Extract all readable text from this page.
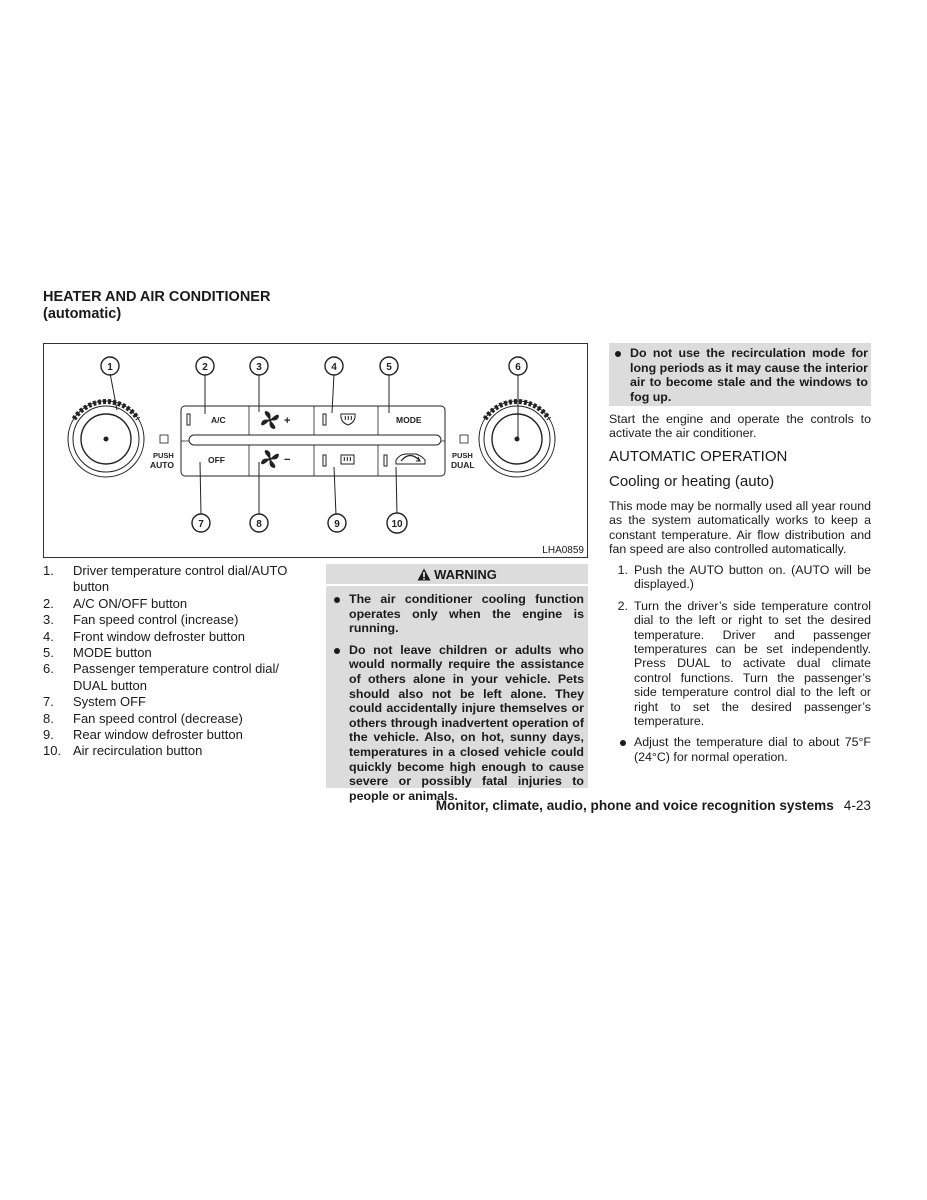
HEATER AND AIR CONDITIONER
(automatic)
1	2	3	4	5	6
7	8	9	10
A/C	+	MODE
OFF	−
PUSH
AUTO
PUSH
DUAL
LHA0859
1.	Driver temperature control dial/AUTO button
2.	A/C ON/OFF button
3.	Fan speed control (increase)
4.	Front window defroster button
5.	MODE button
6.	Passenger temperature control dial/ DUAL button
7.	System OFF
8.	Fan speed control (decrease)
9.	Rear window defroster button
10. Air recirculation button
WARNING
The air conditioner cooling function operates only when the engine is running.
Do not leave children or adults who would normally require the assistance of others alone in your vehicle. Pets should also not be left alone. They could accidentally injure themselves or others through inadvertent operation of the vehicle. Also, on hot, sunny days, temperatures in a closed vehicle could quickly become high enough to cause severe or possibly fatal injuries to people or animals.
Do not use the recirculation mode for long periods as it may cause the interior air to become stale and the windows to fog up.
Start the engine and operate the controls to activate the air conditioner.
AUTOMATIC OPERATION
Cooling or heating (auto)
This mode may be normally used all year round as the system automatically works to keep a constant temperature. Air flow distribution and fan speed are also controlled automatically.
1. Push the AUTO button on. (AUTO will be displayed.)
2. Turn the driver’s side temperature control dial to the left or right to set the desired temperature. Driver and passenger temperatures can be set independently. Press DUAL to activate dual climate control functions. Turn the passenger’s side temperature control dial to the left or right to set the desired passenger’s temperature.
Adjust the temperature dial to about 75°F (24°C) for normal operation.
Monitor, climate, audio, phone and voice recognition systems 4-23
